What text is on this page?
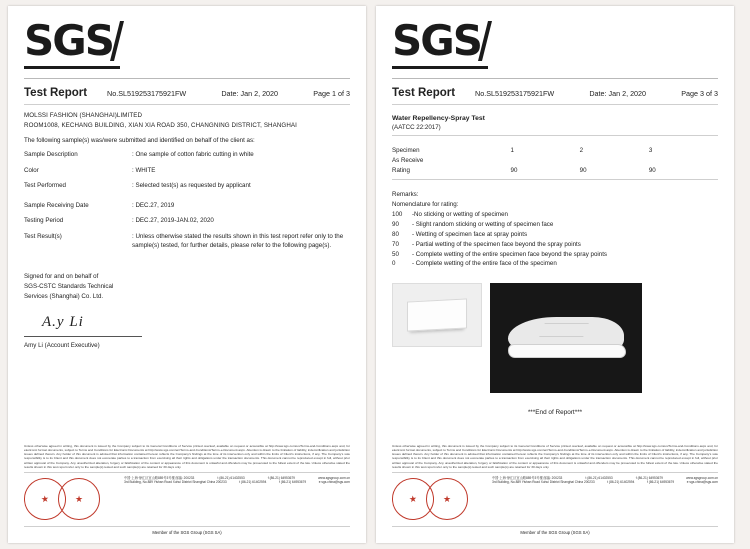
SGS
Test Report	No.SL519253175921FW	Date: Jan 2, 2020	Page 1 of 3
MOLSSI FASHION (SHANGHAI)LIMITED
ROOM1008, KECHANG BUILDING, XIAN XIA ROAD 350, CHANGNING DISTRICT, SHANGHAI
The following sample(s) was/were submitted and identified on behalf of the client as:
Sample Description	: One sample of cotton fabric cutting in white
Color	: WHITE
Test Performed	: Selected test(s) as requested by applicant
Sample Receiving Date	: DEC.27, 2019
Testing Period	: DEC.27, 2019-JAN.02, 2020
Test Result(s)	: Unless otherwise stated the results shown in this test report refer only to the sample(s) tested, for further details, please refer to the following page(s).
Signed for and on behalf of
SGS-CSTC Standards Technical
Services (Shanghai) Co. Ltd.
A.y Li
Amy Li (Account Executive)
Unless otherwise agreed in writing, this document is issued by the Company subject to its General Conditions of Service printed overleaf, available on request or accessible at http://www.sgs.com/en/Terms-and-Conditions.aspx and, for electronic format documents, subject to Terms and Conditions for Electronic Documents at http://www.sgs.com/en/Terms-and-Conditions/Terms-e-Document.aspx. Attention is drawn to the limitation of liability, indemnification and jurisdiction issues defined therein. Any holder of this document is advised that information contained hereon reflects the Company's findings at the time of its intervention only and within the limits of Client's instructions, if any. The Company's sole responsibility is to its Client and this document does not exonerate parties to a transaction from exercising all their rights and obligations under the transaction documents. This document cannot be reproduced except in full, without prior written approval of the Company. Any unauthorized alteration, forgery or falsification of the content or appearance of this document is unlawful and offenders may be prosecuted to the fullest extent of the law. Unless otherwise stated the results shown in this test report refer only to the sample(s) tested and such sample(s) are retained for 30 days only.
★	★
中国·上海·徐汇区宜山路889号3号楼 邮编: 200233	t (86-21) 61402553	f (86-21) 64953679	www.sgsgroup.com.cn
3rd Building, No.889 Yishan Road Xuhui District Shanghai China 200233	t (86-21) 61402594	f (86-21) 64953679	e sgs.china@sgs.com
Member of the SGS Group (SGS SA)
SGS
Test Report	No.SL519253175921FW	Date: Jan 2, 2020	Page 3 of 3
Water Repellency-Spray Test
(AATCC 22:2017)
Specimen	1	2	3
As Receive			
Rating	90	90	90
Remarks:
Nomenclature for rating:
100	-No sticking or wetting of specimen
90	- Slight random sticking or wetting of specimen face
80	- Wetting of specimen face at spray points
70	- Partial wetting of the specimen face beyond the spray points
50	- Complete wetting of the entire specimen face beyond the spray points
0	- Complete wetting of the entire face of the specimen
***End of Report***
Unless otherwise agreed in writing, this document is issued by the Company subject to its General Conditions of Service printed overleaf, available on request or accessible at http://www.sgs.com/en/Terms-and-Conditions.aspx and, for electronic format documents, subject to Terms and Conditions for Electronic Documents at http://www.sgs.com/en/Terms-and-Conditions/Terms-e-Document.aspx. Attention is drawn to the limitation of liability, indemnification and jurisdiction issues defined therein. Any holder of this document is advised that information contained hereon reflects the Company's findings at the time of its intervention only and within the limits of Client's instructions, if any. The Company's sole responsibility is to its Client and this document does not exonerate parties to a transaction from exercising all their rights and obligations under the transaction documents. This document cannot be reproduced except in full, without prior written approval of the Company. Any unauthorized alteration, forgery or falsification of the content or appearance of this document is unlawful and offenders may be prosecuted to the fullest extent of the law. Unless otherwise stated the results shown in this test report refer only to the sample(s) tested and such sample(s) are retained for 30 days only.
★	★
中国·上海·徐汇区宜山路889号3号楼 邮编: 200233	t (86-21) 61402553	f (86-21) 64953679	www.sgsgroup.com.cn
3rd Building, No.889 Yishan Road Xuhui District Shanghai China 200233	t (86-21) 61402594	f (86-21) 64953679	e sgs.china@sgs.com
Member of the SGS Group (SGS SA)
